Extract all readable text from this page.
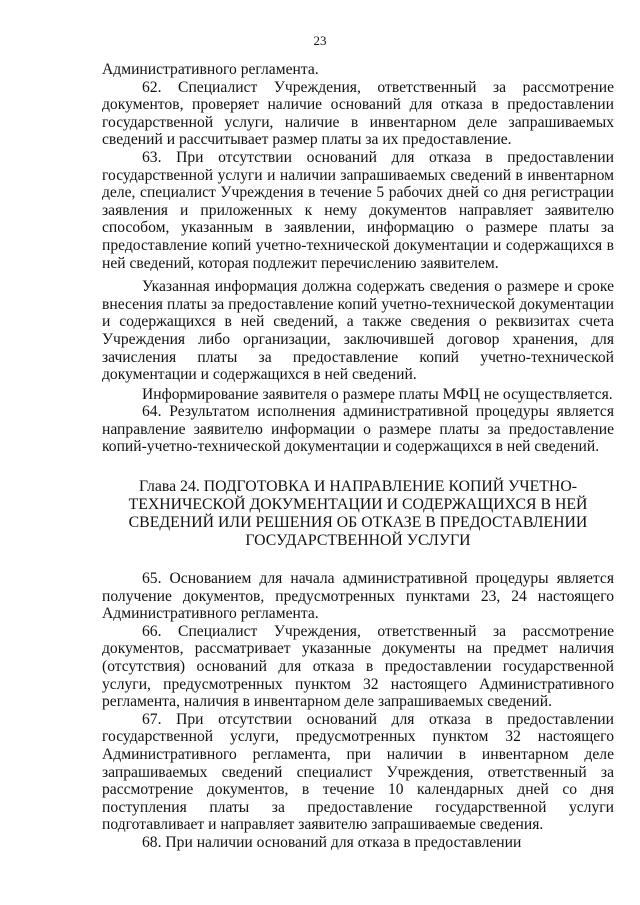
23

Административного регламента.

62. Специалист Учреждения, ответственный за рассмотрение документов, проверяет наличие оснований для отказа в предоставлении государственной услуги, наличие в инвентарном деле запрашиваемых сведений и рассчитывает размер платы за их предоставление.

63. При отсутствии оснований для отказа в предоставлении государственной услуги и наличии запрашиваемых сведений в инвентарном деле, специалист Учреждения в течение 5 рабочих дней со дня регистрации заявления и приложенных к нему документов направляет заявителю способом, указанным в заявлении, информацию о размере платы за предоставление копий учетно-технической документации и содержащихся в ней сведений, которая подлежит перечислению заявителем.

Указанная информация должна содержать сведения о размере и сроке внесения платы за предоставление копий учетно-технической документации и содержащихся в ней сведений, а также сведения о реквизитах счета Учреждения либо организации, заключившей договор хранения, для зачисления платы за предоставление копий учетно-технической документации и содержащихся в ней сведений.

Информирование заявителя о размере платы МФЦ не осуществляется.

64. Результатом исполнения административной процедуры является направление заявителю информации о размере платы за предоставление копий-учетно-технической документации и содержащихся в ней сведений.

Глава 24. ПОДГОТОВКА И НАПРАВЛЕНИЕ КОПИЙ УЧЕТНО-
ТЕХНИЧЕСКОЙ ДОКУМЕНТАЦИИ И СОДЕРЖАЩИХСЯ В НЕЙ
СВЕДЕНИЙ ИЛИ РЕШЕНИЯ ОБ ОТКАЗЕ В ПРЕДОСТАВЛЕНИИ
ГОСУДАРСТВЕННОЙ УСЛУГИ

65. Основанием для начала административной процедуры является получение документов, предусмотренных пунктами 23, 24 настоящего Административного регламента.

66. Специалист Учреждения, ответственный за рассмотрение документов, рассматривает указанные документы на предмет наличия (отсутствия) оснований для отказа в предоставлении государственной услуги, предусмотренных пунктом 32 настоящего Административного регламента, наличия в инвентарном деле запрашиваемых сведений.

67. При отсутствии оснований для отказа в предоставлении государственной услуги, предусмотренных пунктом 32 настоящего Административного регламента, при наличии в инвентарном деле запрашиваемых сведений специалист Учреждения, ответственный за рассмотрение документов, в течение 10 календарных дней со дня поступления платы за предоставление государственной услуги подготавливает и направляет заявителю запрашиваемые сведения.

68. При наличии оснований для отказа в предоставлении
